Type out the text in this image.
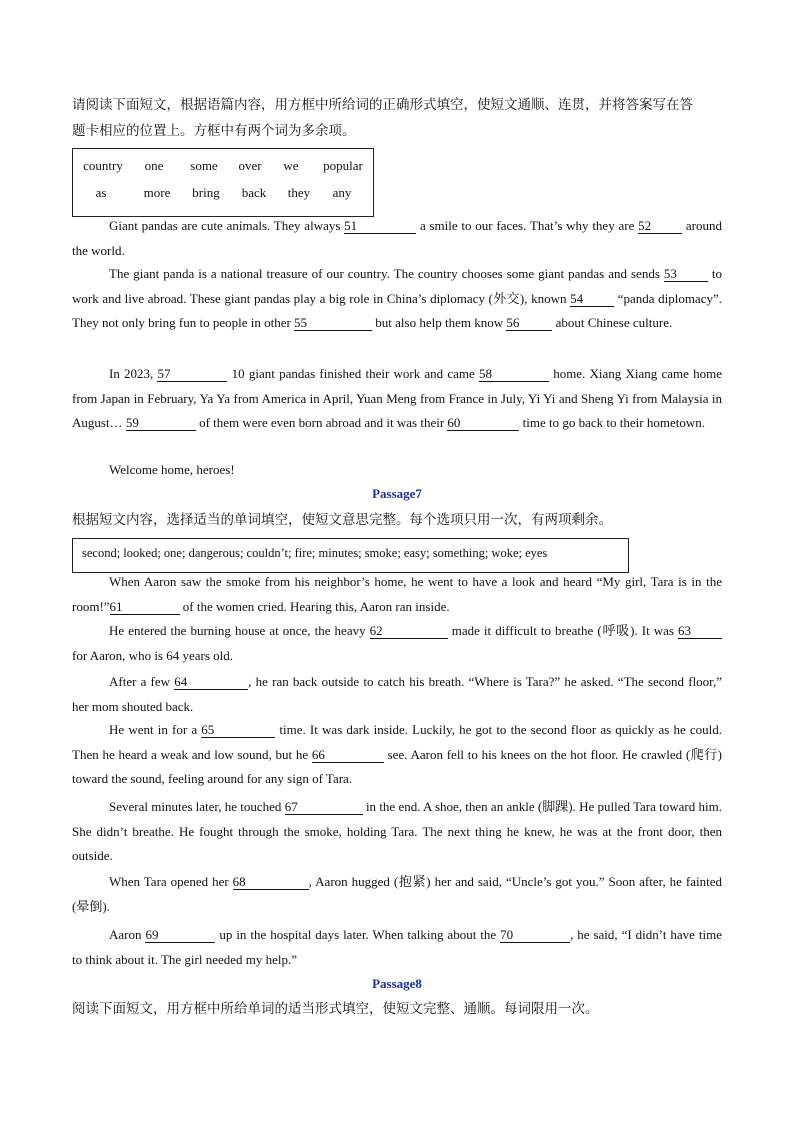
请阅读下面短文，根据语篇内容，用方框中所给词的正确形式填空，使短文通顺、连贯，并将答案写在答
题卡相应的位置上。方框中有两个词为多余项。
country	one	some	over	we	popular
as	more	bring	back	they	any
Giant pandas are cute animals. They always 51	a smile to our faces. That’s why they are 52 around the world.
The giant panda is a national treasure of our country. The country chooses some giant pandas and sends 53 to work and live abroad. These giant pandas play a big role in China’s diplomacy (外交), known 54 “panda diplomacy”. They not only bring fun to people in other 55	but also help them know 56	about Chinese culture.
In 2023, 57	10 giant pandas finished their work and came 58	home. Xiang Xiang came home from Japan in February, Ya Ya from America in April, Yuan Meng from France in July, Yi Yi and Sheng Yi from Malaysia in August… 59	of them were even born abroad and it was their 60	time to go back to their hometown.
Welcome home, heroes!
Passage7
根据短文内容，选择适当的单词填空，使短文意思完整。每个选项只用一次，有两项剩余。
second; looked; one; dangerous; couldn’t; fire; minutes; smoke; easy; something; woke; eyes
When Aaron saw the smoke from his neighbor’s home, he went to have a look and heard “My girl, Tara is in the room!”61	of the women cried. Hearing this, Aaron ran inside.
He entered the burning house at once, the heavy 62	made it difficult to breathe (呼吸). It was 63 for Aaron, who is 64 years old.
After a few 64	, he ran back outside to catch his breath. “Where is Tara?” he asked. “The second floor,” her mom shouted back.
He went in for a 65	time. It was dark inside. Luckily, he got to the second floor as quickly as he could. Then he heard a weak and low sound, but he 66	see. Aaron fell to his knees on the hot floor. He crawled (爬行) toward the sound, feeling around for any sign of Tara.
Several minutes later, he touched 67	in the end. A shoe, then an ankle (脚踝). He pulled Tara toward him. She didn’t breathe. He fought through the smoke, holding Tara. The next thing he knew, he was at the front door, then outside.
When Tara opened her 68	, Aaron hugged (抱紧) her and said, “Uncle’s got you.” Soon after, he fainted (晕倒).
Aaron 69	up in the hospital days later. When talking about the 70	, he said, “I didn’t have time to think about it. The girl needed my help.”
Passage8
阅读下面短文，用方框中所给单词的适当形式填空，使短文完整、通顺。每词限用一次。
